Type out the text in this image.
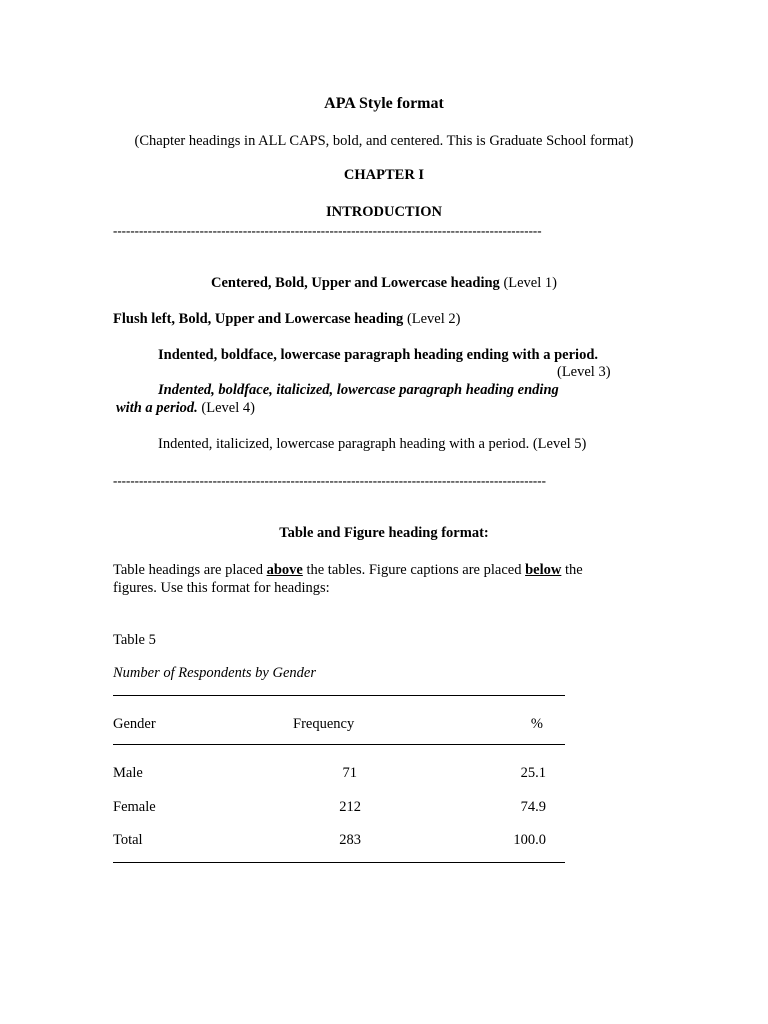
APA Style format
(Chapter headings in ALL CAPS, bold, and centered. This is Graduate School format)
CHAPTER I
INTRODUCTION
---------------------------------------------------------------------------------------------------
Centered, Bold, Upper and Lowercase heading (Level 1)
Flush left, Bold, Upper and Lowercase heading (Level 2)
Indented, boldface, lowercase paragraph heading ending with a period.
(Level 3)
Indented, boldface, italicized, lowercase paragraph heading ending
with a period. (Level 4)
Indented, italicized, lowercase paragraph heading with a period. (Level 5)
----------------------------------------------------------------------------------------------------
Table and Figure heading format:
Table headings are placed above the tables. Figure captions are placed below the
figures. Use this format for headings:
Table 5
Number of Respondents by Gender
Gender	Frequency	%
Male	71	25.1
Female	212	74.9
Total	283	100.0
